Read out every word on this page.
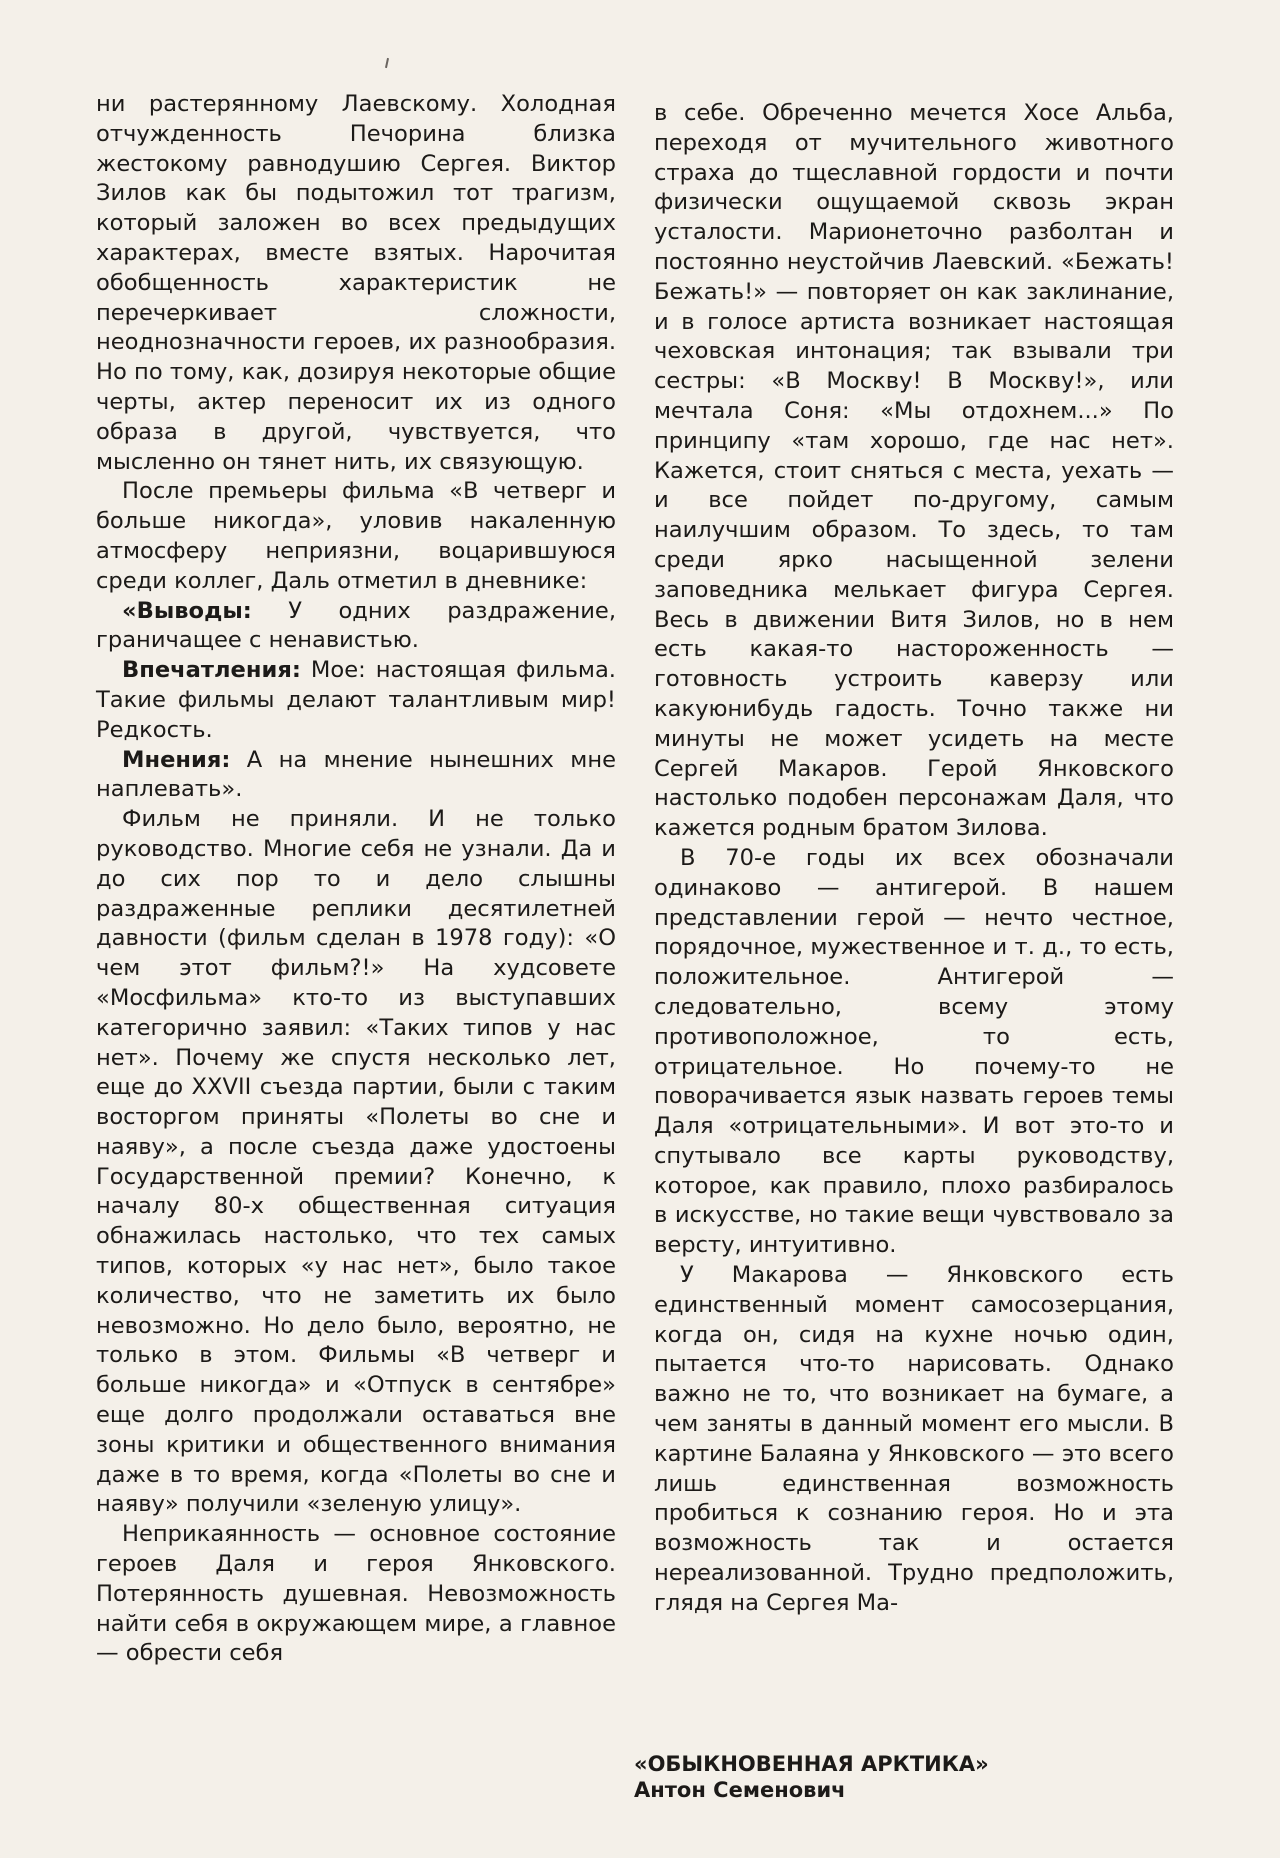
ни растерянному Лаевскому. Холодная отчужденность Печорина близка жестокому равнодушию Сергея. Виктор Зилов как бы подытожил тот трагизм, который заложен во всех предыдущих характерах, вместе взятых. Нарочитая обобщенность характеристик не перечеркивает сложности, неоднозначности героев, их разнообразия. Но по тому, как, дозируя некоторые общие черты, актер переносит их из одного образа в другой, чувствуется, что мысленно он тянет нить, их связующую.

После премьеры фильма «В четверг и больше никогда», уловив накаленную атмосферу неприязни, воцарившуюся среди коллег, Даль отметил в дневнике:

«Выводы: У одних раздражение, граничащее с ненавистью.

Впечатления: Мое: настоящая фильма. Такие фильмы делают талантливым мир! Редкость.

Мнения: А на мнение нынешних мне наплевать».

Фильм не приняли. И не только руководство. Многие себя не узнали. Да и до сих пор то и дело слышны раздраженные реплики десятилетней давности (фильм сделан в 1978 году): «О чем этот фильм?!» На худсовете «Мосфильма» кто-то из выступавших категорично заявил: «Таких типов у нас нет». Почему же спустя несколько лет, еще до XXVII съезда партии, были с таким восторгом приняты «Полеты во сне и наяву», а после съезда даже удостоены Государственной премии? Конечно, к началу 80-х общественная ситуация обнажилась настолько, что тех самых типов, которых «у нас нет», было такое количество, что не заметить их было невозможно. Но дело было, вероятно, не только в этом. Фильмы «В четверг и больше никогда» и «Отпуск в сентябре» еще долго продолжали оставаться вне зоны критики и общественного внимания даже в то время, когда «Полеты во сне и наяву» получили «зеленую улицу».

Неприкаянность — основное состояние героев Даля и героя Янковского. Потерянность душевная. Невозможность найти себя в окружающем мире, а главное — обрести себя

в себе. Обреченно мечется Хосе Альба, переходя от мучительного животного страха до тщеславной гордости и почти физически ощущаемой сквозь экран усталости. Марионеточно разболтан и постоянно неустойчив Лаевский. «Бежать! Бежать!» — повторяет он как заклинание, и в голосе артиста возникает настоящая чеховская интонация; так взывали три сестры: «В Москву! В Москву!», или мечтала Соня: «Мы отдохнем...» По принципу «там хорошо, где нас нет». Кажется, стоит сняться с места, уехать — и все пойдет по-другому, самым наилучшим образом. То здесь, то там среди ярко насыщенной зелени заповедника мелькает фигура Сергея. Весь в движении Витя Зилов, но в нем есть какая-то настороженность — готовность устроить каверзу или какуюнибудь гадость. Точно также ни минуты не может усидеть на месте Сергей Макаров. Герой Янковского настолько подобен персонажам Даля, что кажется родным братом Зилова.

В 70-е годы их всех обозначали одинаково — антигерой. В нашем представлении герой — нечто честное, порядочное, мужественное и т. д., то есть, положительное. Антигерой — следовательно, всему этому противоположное, то есть, отрицательное. Но почему-то не поворачивается язык назвать героев темы Даля «отрицательными». И вот это-то и спутывало все карты руководству, которое, как правило, плохо разбиралось в искусстве, но такие вещи чувствовало за версту, интуитивно.

У Макарова — Янковского есть единственный момент самосозерцания, когда он, сидя на кухне ночью один, пытается что-то нарисовать. Однако важно не то, что возникает на бумаге, а чем заняты в данный момент его мысли. В картине Балаяна у Янковского — это всего лишь единственная возможность пробиться к сознанию героя. Но и эта возможность так и остается нереализованной. Трудно предположить, глядя на Сергея Ма-

«ОБЫКНОВЕННАЯ АРКТИКА»
Антон Семенович
